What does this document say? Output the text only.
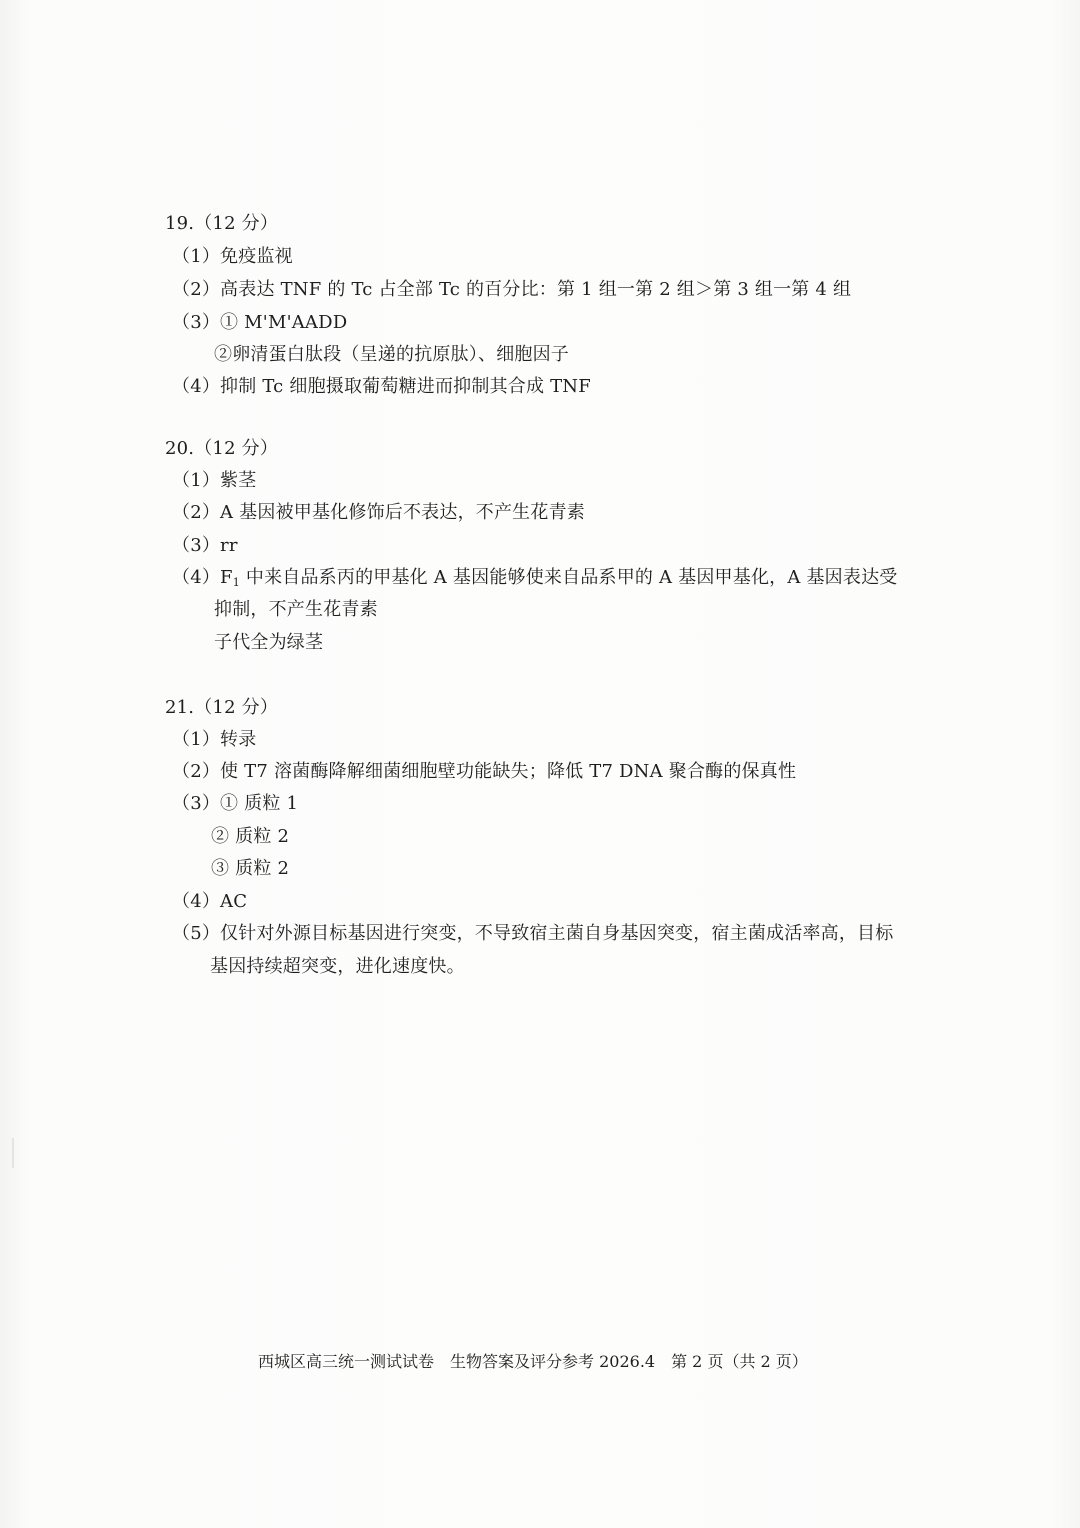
19.（12 分）
（1）免疫监视
（2）高表达 TNF 的 Tc 占全部 Tc 的百分比：第 1 组一第 2 组＞第 3 组一第 4 组
（3）① M'M'AADD
②卵清蛋白肽段（呈递的抗原肽）、细胞因子
（4）抑制 Tc 细胞摄取葡萄糖进而抑制其合成 TNF
20.（12 分）
（1）紫茎
（2）A 基因被甲基化修饰后不表达，不产生花青素
（3）rr
（4）F1 中来自品系丙的甲基化 A 基因能够使来自品系甲的 A 基因甲基化，A 基因表达受
抑制，不产生花青素
子代全为绿茎
21.（12 分）
（1）转录
（2）使 T7 溶菌酶降解细菌细胞壁功能缺失；降低 T7 DNA 聚合酶的保真性
（3）① 质粒 1
② 质粒 2
③ 质粒 2
（4）AC
（5）仅针对外源目标基因进行突变，不导致宿主菌自身基因突变，宿主菌成活率高，目标
基因持续超突变，进化速度快。
西城区高三统一测试试卷 生物答案及评分参考 2026.4 第 2 页（共 2 页）
